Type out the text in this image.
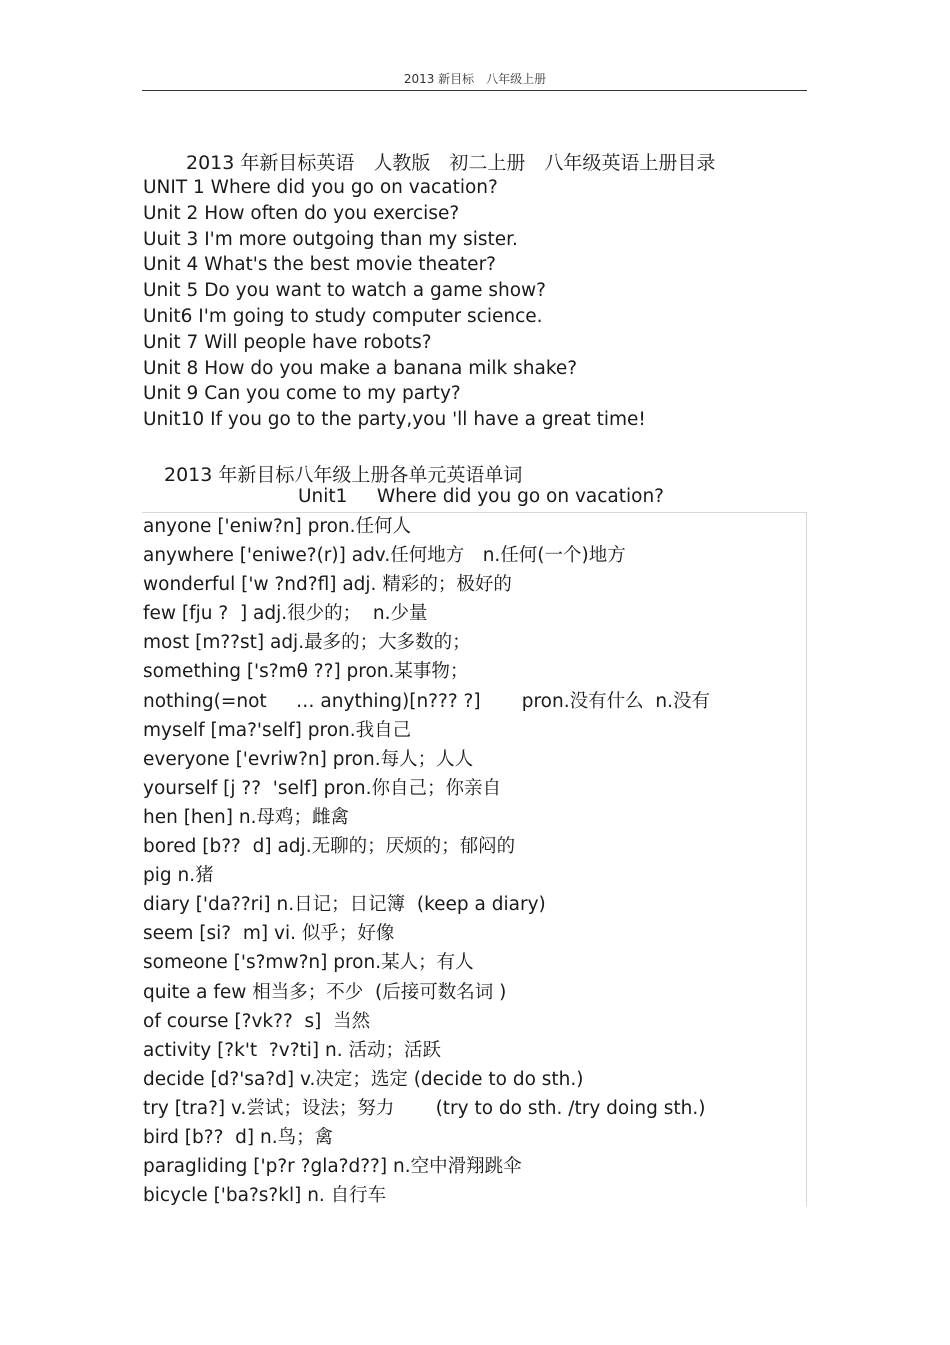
2013 新目标　八年级上册
2013 年新目标英语　人教版　初二上册　八年级英语上册目录
UNIT 1 Where did you go on vacation?
Unit 2 How often do you exercise?
Uuit 3 I'm more outgoing than my sister.
Unit 4 What's the best movie theater?
Unit 5 Do you want to watch a game show?
Unit6 I'm going to study computer science.
Unit 7 Will people have robots?
Unit 8 How do you make a banana milk shake?
Unit 9 Can you come to my party?
Unit10 If you go to the party,you 'll have a great time!
2013 年新目标八年级上册各单元英语单词
Unit1     Where did you go on vacation?
anyone ['eniw?n] pron.任何人
anywhere ['eniwe?(r)] adv.任何地方　n.任何(一个)地方
wonderful ['w ?nd?fl] adj. 精彩的；极好的
few [fju ?  ] adj.很少的；  n.少量
most [m??st] adj.最多的；大多数的；
something ['s?mθ ??] pron.某事物；
nothing(=not     … anything)[n??? ?]       pron.没有什么  n.没有
myself [ma?'self] pron.我自己
everyone ['evriw?n] pron.每人；人人
yourself [j ??  'self] pron.你自己；你亲自
hen [hen] n.母鸡；雌禽
bored [b??  d] adj.无聊的；厌烦的；郁闷的
pig n.猪
diary ['da??ri] n.日记；日记簿  (keep a diary)
seem [si?  m] vi. 似乎；好像
someone ['s?mw?n] pron.某人；有人
quite a few 相当多；不少  (后接可数名词 )
of course [?vk??  s]  当然
activity [?k't  ?v?ti] n. 活动；活跃
decide [d?'sa?d] v.决定；选定 (decide to do sth.)
try [tra?] v.尝试；设法；努力       (try to do sth. /try doing sth.)
bird [b??  d] n.鸟；禽
paragliding ['p?r ?gla?d??] n.空中滑翔跳伞
bicycle ['ba?s?kl] n. 自行车
